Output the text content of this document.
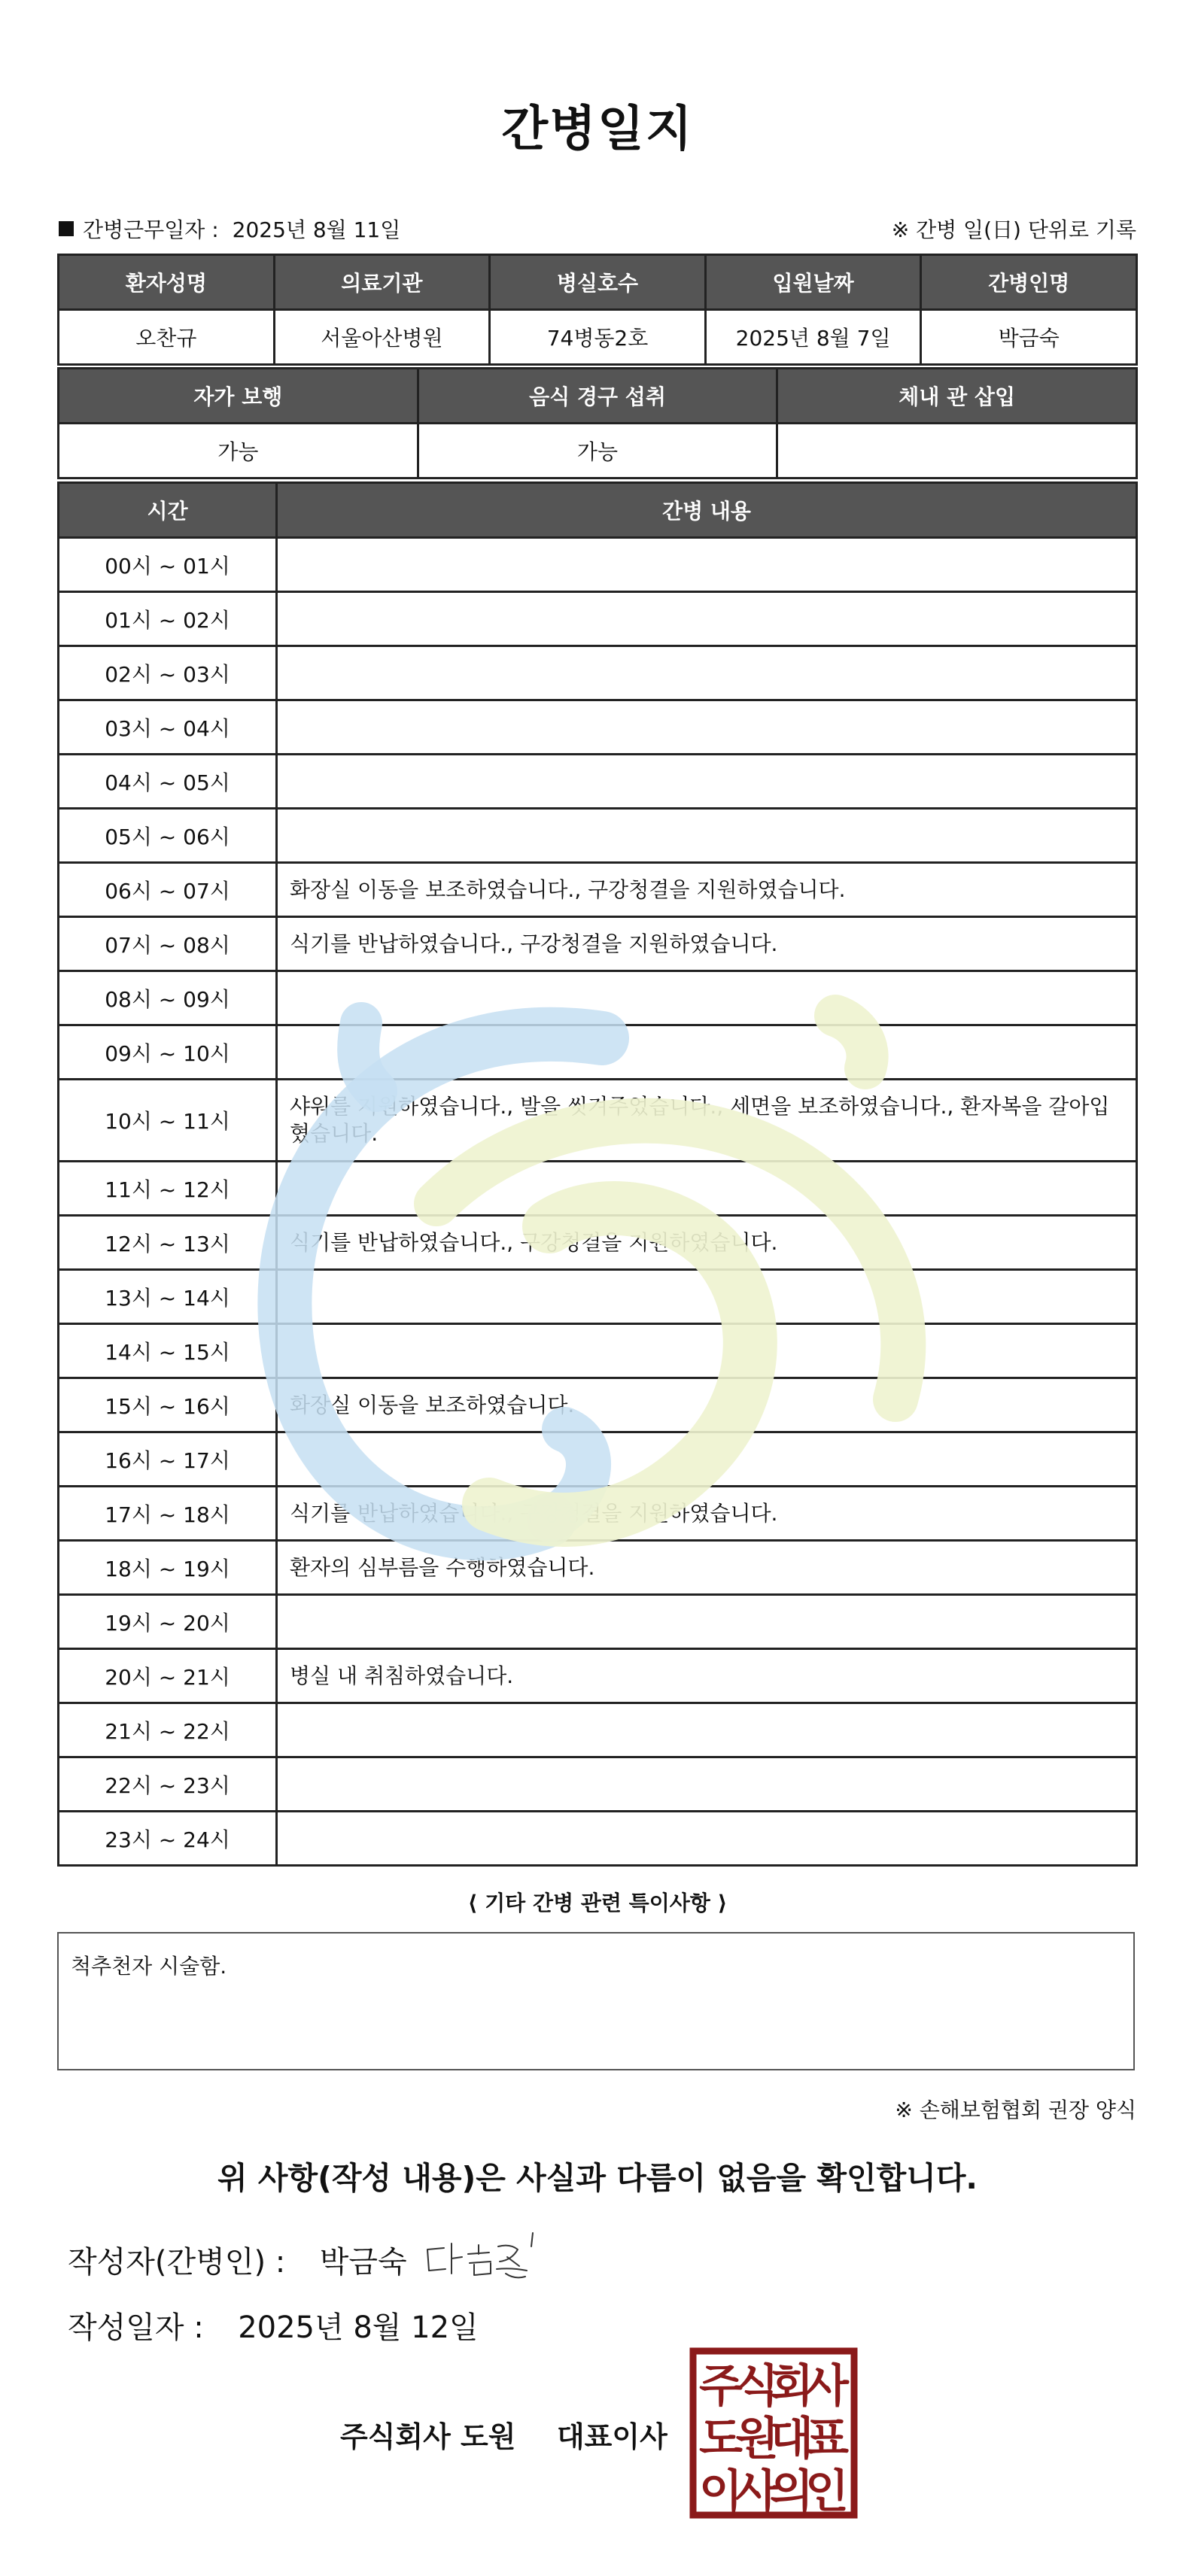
간병일지
간병근무일자 : 2025년 8월 11일	※ 간병 일(日) 단위로 기록
환자성명	의료기관	병실호수	입원날짜	간병인명
오찬규	서울아산병원	74병동2호	2025년 8월 7일	박금숙
자가 보행	음식 경구 섭취	체내 관 삽입
가능	가능	
시간	간병 내용
00시 ~ 01시	
01시 ~ 02시	
02시 ~ 03시	
03시 ~ 04시	
04시 ~ 05시	
05시 ~ 06시	
06시 ~ 07시	화장실 이동을 보조하였습니다., 구강청결을 지원하였습니다.
07시 ~ 08시	식기를 반납하였습니다., 구강청결을 지원하였습니다.
08시 ~ 09시	
09시 ~ 10시	
10시 ~ 11시	샤워를 지원하였습니다., 발을 씻겨주었습니다., 세면을 보조하였습니다., 환자복을 갈아입혔습니다.
11시 ~ 12시	
12시 ~ 13시	식기를 반납하였습니다., 구강청결을 지원하였습니다.
13시 ~ 14시	
14시 ~ 15시	
15시 ~ 16시	화장실 이동을 보조하였습니다.
16시 ~ 17시	
17시 ~ 18시	식기를 반납하였습니다., 구강청결을 지원하였습니다.
18시 ~ 19시	환자의 심부름을 수행하였습니다.
19시 ~ 20시	
20시 ~ 21시	병실 내 취침하였습니다.
21시 ~ 22시	
22시 ~ 23시	
23시 ~ 24시	
⟨ 기타 간병 관련 특이사항 ⟩
척추천자 시술함.
※ 손해보험협회 권장 양식
위 사항(작성 내용)은 사실과 다름이 없음을 확인합니다.
작성자(간병인) : 박금숙
작성일자 : 2025년 8월 12일
주식회사 도원 대표이사
주
식
회
사
도
원
대
표
이
사
의
인
